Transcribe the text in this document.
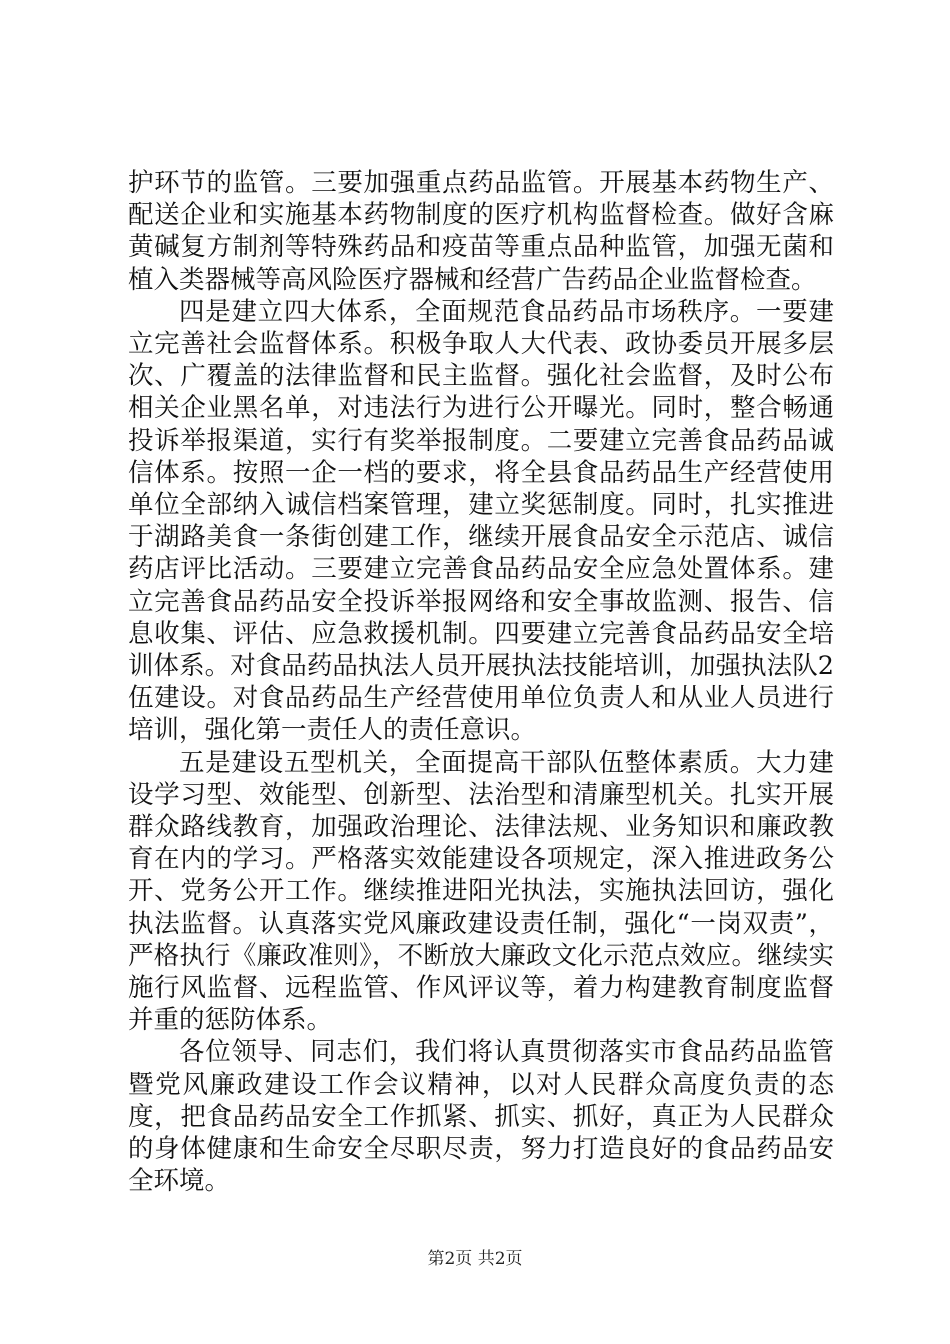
护环节的监管。三要加强重点药品监管。开展基本药物生产、配送企业和实施基本药物制度的医疗机构监督检查。做好含麻黄碱复方制剂等特殊药品和疫苗等重点品种监管，加强无菌和植入类器械等高风险医疗器械和经营广告药品企业监督检查。

四是建立四大体系，全面规范食品药品市场秩序。一要建立完善社会监督体系。积极争取人大代表、政协委员开展多层次、广覆盖的法律监督和民主监督。强化社会监督，及时公布相关企业黑名单，对违法行为进行公开曝光。同时，整合畅通投诉举报渠道，实行有奖举报制度。二要建立完善食品药品诚信体系。按照一企一档的要求，将全县食品药品生产经营使用单位全部纳入诚信档案管理，建立奖惩制度。同时，扎实推进于湖路美食一条街创建工作，继续开展食品安全示范店、诚信药店评比活动。三要建立完善食品药品安全应急处置体系。建立完善食品药品安全投诉举报网络和安全事故监测、报告、信息收集、评估、应急救援机制。四要建立完善食品药品安全培训体系。对食品药品执法人员开展执法技能培训，加强执法队2伍建设。对食品药品生产经营使用单位负责人和从业人员进行培训，强化第一责任人的责任意识。

五是建设五型机关，全面提高干部队伍整体素质。大力建设学习型、效能型、创新型、法治型和清廉型机关。扎实开展群众路线教育，加强政治理论、法律法规、业务知识和廉政教育在内的学习。严格落实效能建设各项规定，深入推进政务公开、党务公开工作。继续推进阳光执法，实施执法回访，强化执法监督。认真落实党风廉政建设责任制，强化“一岗双责”，严格执行《廉政准则》，不断放大廉政文化示范点效应。继续实施行风监督、远程监管、作风评议等，着力构建教育制度监督并重的惩防体系。

各位领导、同志们，我们将认真贯彻落实市食品药品监管暨党风廉政建设工作会议精神，以对人民群众高度负责的态度，把食品药品安全工作抓紧、抓实、抓好，真正为人民群众的身体健康和生命安全尽职尽责，努力打造良好的食品药品安全环境。

第2页 共2页
